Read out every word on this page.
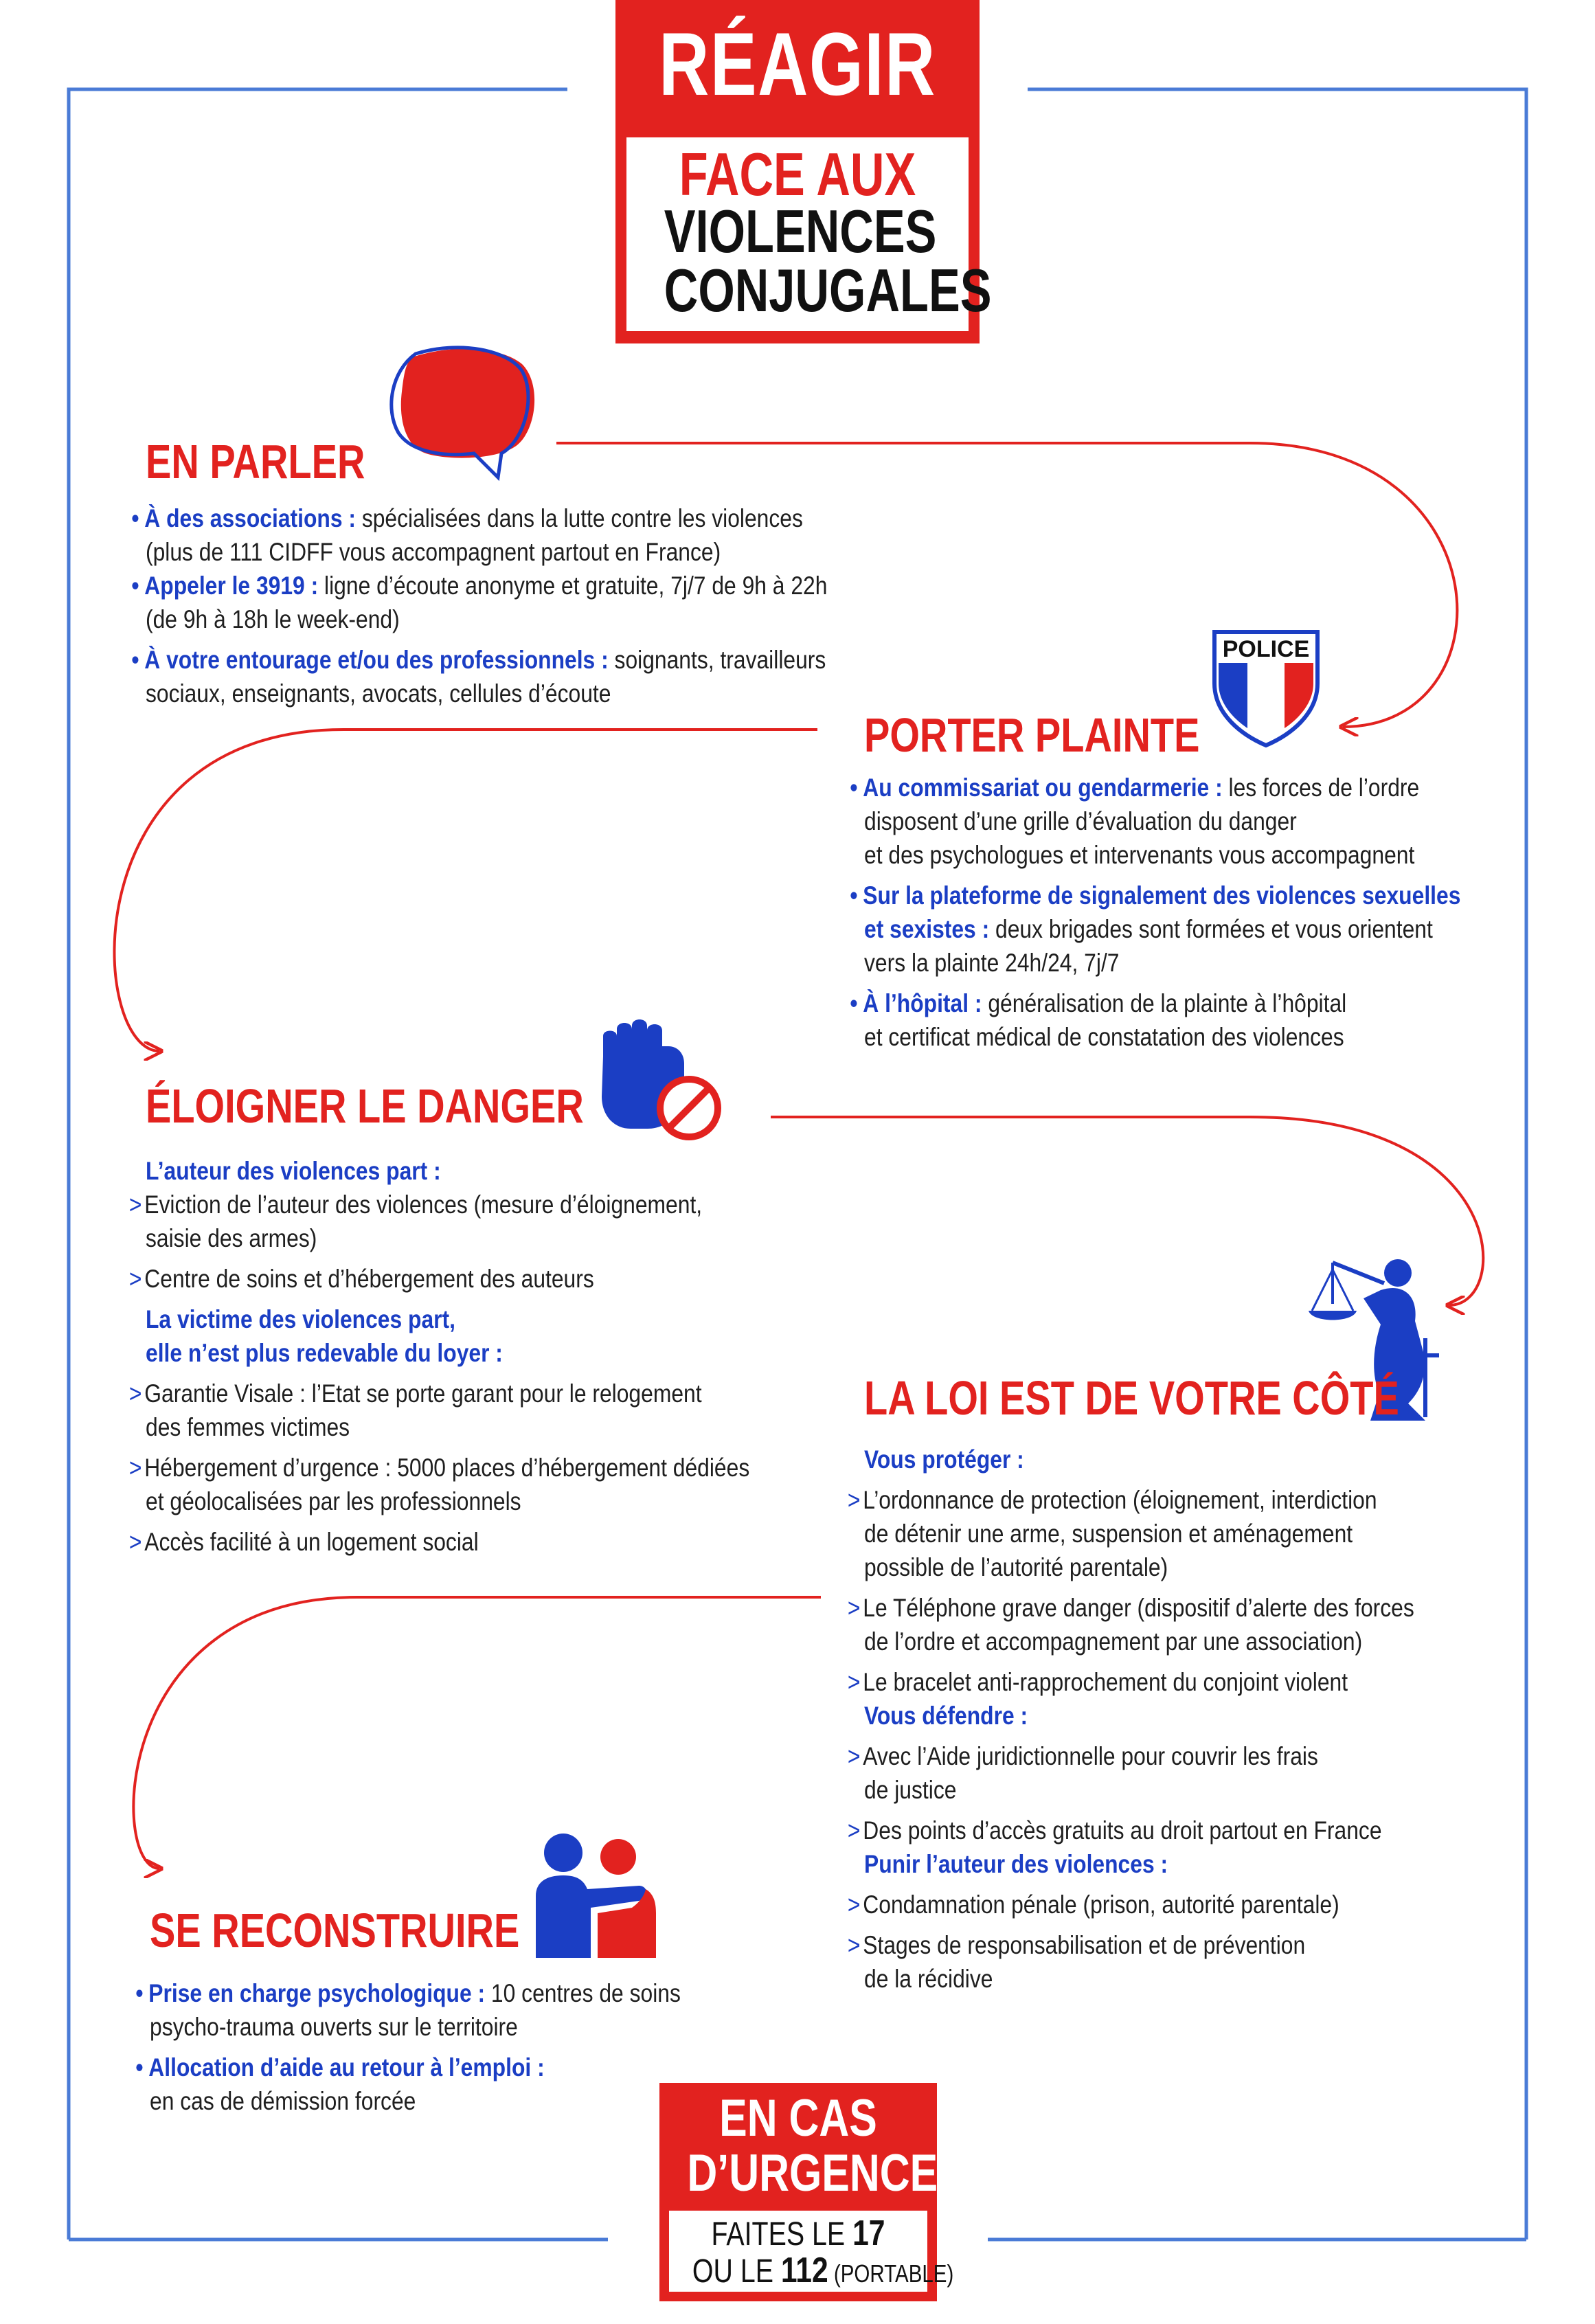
RÉAGIR
FACE AUX
VIOLENCES
CONJUGALES
EN PARLER
• À des associations : spécialisées dans la lutte contre les violences
(plus de 111 CIDFF vous accompagnent partout en France)
• Appeler le 3919 : ligne d’écoute anonyme et gratuite, 7j/7 de 9h à 22h
(de 9h à 18h le week-end)
• À votre entourage et/ou des professionnels : soignants, travailleurs
sociaux, enseignants, avocats, cellules d’écoute
POLICE
PORTER PLAINTE
• Au commissariat ou gendarmerie : les forces de l’ordre
disposent d’une grille d’évaluation du danger
et des psychologues et intervenants vous accompagnent
• Sur la plateforme de signalement des violences sexuelles
et sexistes : deux brigades sont formées et vous orientent
vers la plainte 24h/24, 7j/7
• À l’hôpital : généralisation de la plainte à l’hôpital
et certificat médical de constatation des violences
ÉLOIGNER LE DANGER
L’auteur des violences part :
> Eviction de l’auteur des violences (mesure d’éloignement,
saisie des armes)
> Centre de soins et d’hébergement des auteurs
La victime des violences part,
elle n’est plus redevable du loyer :
> Garantie Visale : l’Etat se porte garant pour le relogement
des femmes victimes
> Hébergement d’urgence : 5000 places d’hébergement dédiées
et géolocalisées par les professionnels
> Accès facilité à un logement social
LA LOI EST DE VOTRE CÔTÉ
Vous protéger :
> L’ordonnance de protection (éloignement, interdiction
de détenir une arme, suspension et aménagement
possible de l’autorité parentale)
> Le Téléphone grave danger (dispositif d’alerte des forces
de l’ordre et accompagnement par une association)
> Le bracelet anti-rapprochement du conjoint violent
Vous défendre :
> Avec l’Aide juridictionnelle pour couvrir les frais
de justice
> Des points d’accès gratuits au droit partout en France
Punir l’auteur des violences :
> Condamnation pénale (prison, autorité parentale)
> Stages de responsabilisation et de prévention
de la récidive
SE RECONSTRUIRE
• Prise en charge psychologique : 10 centres de soins
psycho-trauma ouverts sur le territoire
• Allocation d’aide au retour à l’emploi :
en cas de démission forcée	EN CAS
D’URGENCE,
FAITES LE 17
OU LE 112 (PORTABLE)
